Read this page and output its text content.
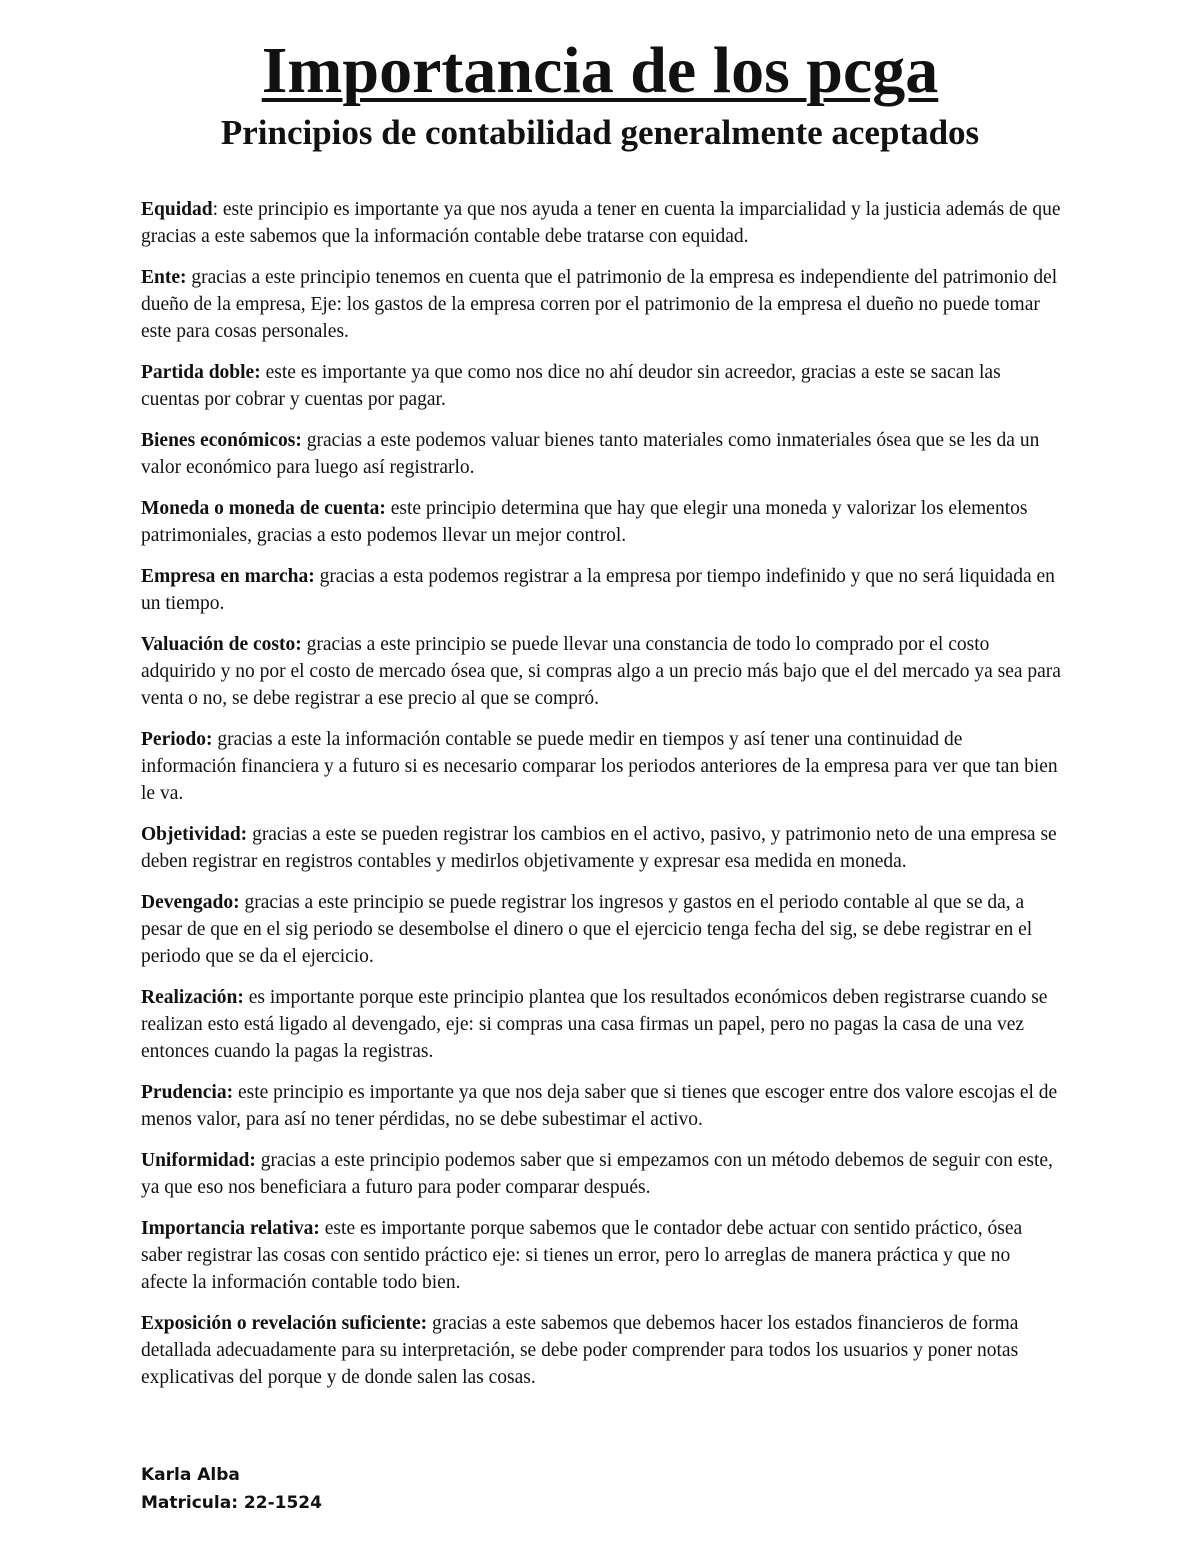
Importancia de los pcga
Principios de contabilidad generalmente aceptados

Equidad: este principio es importante ya que nos ayuda a tener en cuenta la imparcialidad y la justicia además de que gracias a este sabemos que la información contable debe tratarse con equidad.

Ente: gracias a este principio tenemos en cuenta que el patrimonio de la empresa es independiente del patrimonio del dueño de la empresa, Eje: los gastos de la empresa corren por el patrimonio de la empresa el dueño no puede tomar este para cosas personales.

Partida doble: este es importante ya que como nos dice no ahí deudor sin acreedor, gracias a este se sacan las cuentas por cobrar y cuentas por pagar.

Bienes económicos: gracias a este podemos valuar bienes tanto materiales como inmateriales ósea que se les da un valor económico para luego así registrarlo.

Moneda o moneda de cuenta: este principio determina que hay que elegir una moneda y valorizar los elementos patrimoniales, gracias a esto podemos llevar un mejor control.

Empresa en marcha: gracias a esta podemos registrar a la empresa por tiempo indefinido y que no será liquidada en un tiempo.

Valuación de costo: gracias a este principio se puede llevar una constancia de todo lo comprado por el costo adquirido y no por el costo de mercado ósea que, si compras algo a un precio más bajo que el del mercado ya sea para venta o no, se debe registrar a ese precio al que se compró.

Periodo: gracias a este la información contable se puede medir en tiempos y así tener una continuidad de información financiera y a futuro si es necesario comparar los periodos anteriores de la empresa para ver que tan bien le va.

Objetividad: gracias a este se pueden registrar los cambios en el activo, pasivo, y patrimonio neto de una empresa se deben registrar en registros contables y medirlos objetivamente y expresar esa medida en moneda.

Devengado: gracias a este principio se puede registrar los ingresos y gastos en el periodo contable al que se da, a pesar de que en el sig periodo se desembolse el dinero o que el ejercicio tenga fecha del sig, se debe registrar en el periodo que se da el ejercicio.

Realización: es importante porque este principio plantea que los resultados económicos deben registrarse cuando se realizan esto está ligado al devengado, eje: si compras una casa firmas un papel, pero no pagas la casa de una vez entonces cuando la pagas la registras.

Prudencia: este principio es importante ya que nos deja saber que si tienes que escoger entre dos valore escojas el de menos valor, para así no tener pérdidas, no se debe subestimar el activo.

Uniformidad: gracias a este principio podemos saber que si empezamos con un método debemos de seguir con este, ya que eso nos beneficiara a futuro para poder comparar después.

Importancia relativa: este es importante porque sabemos que le contador debe actuar con sentido práctico, ósea saber registrar las cosas con sentido práctico eje: si tienes un error, pero lo arreglas de manera práctica y que no afecte la información contable todo bien.

Exposición o revelación suficiente: gracias a este sabemos que debemos hacer los estados financieros de forma detallada adecuadamente para su interpretación, se debe poder comprender para todos los usuarios y poner notas explicativas del porque y de donde salen las cosas.

Karla Alba
Matricula: 22-1524
